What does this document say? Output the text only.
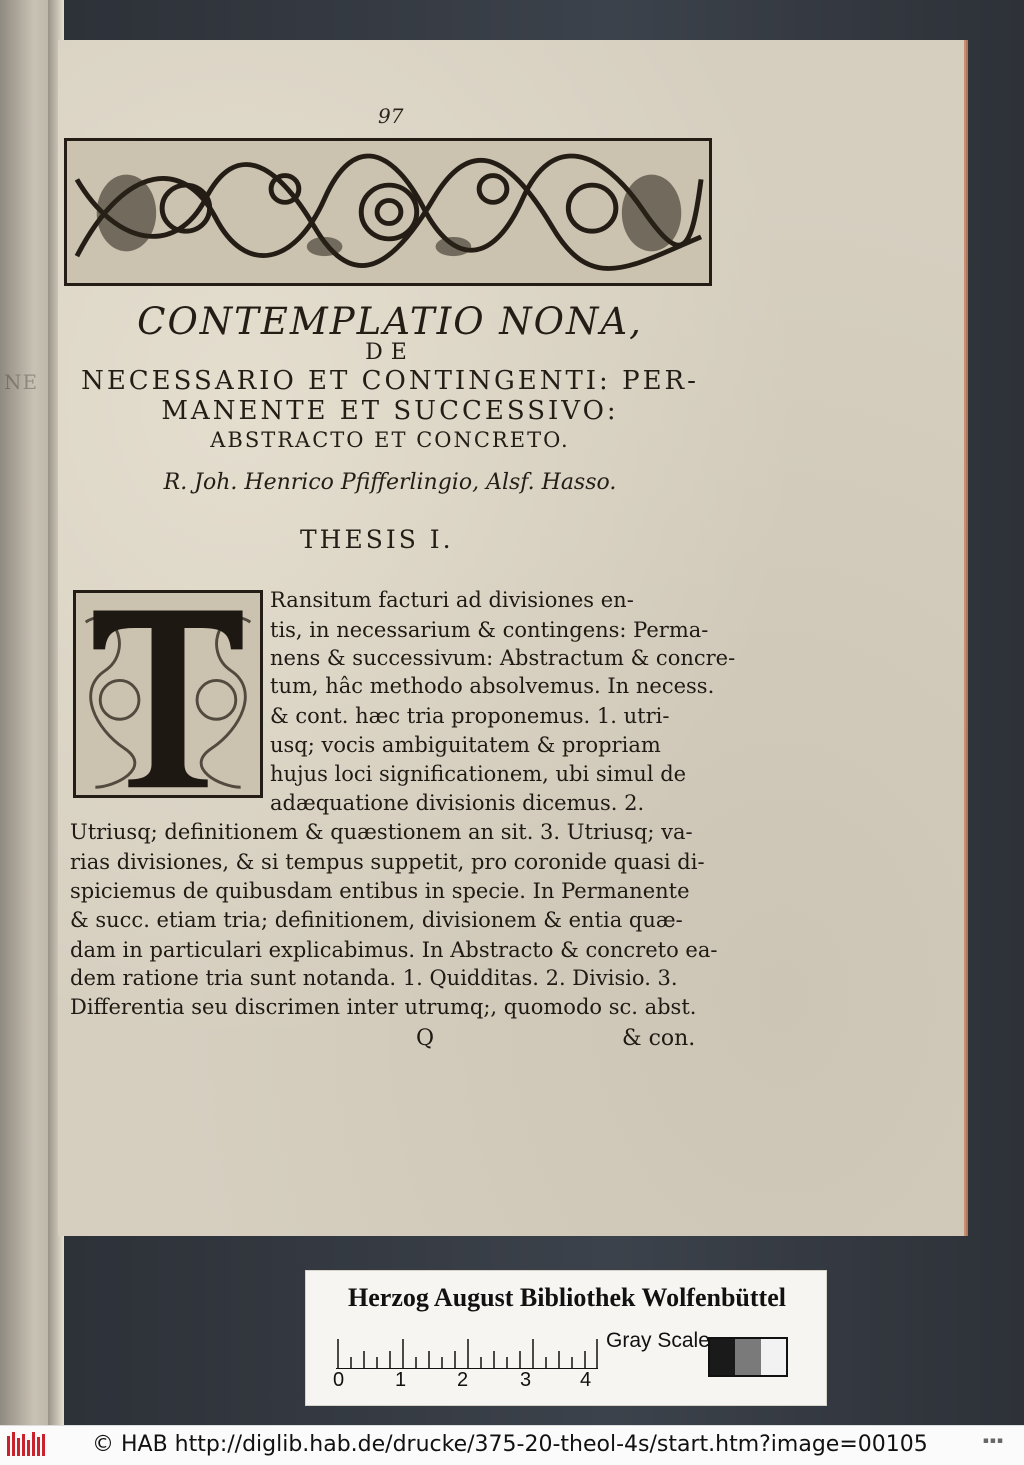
NE
97
CONTEMPLATIO NONA,
DE
NECESSARIO ET CONTINGENTI: PER-
MANENTE ET SUCCESSIVO:
ABSTRACTO ET CONCRETO.
R. Joh. Henrico Pfifferlingio, Alsf. Hasso.
THESIS I.
Ransitum facturi ad divisiones en-
tis, in necessarium & contingens: Perma-
nens & successivum: Abstractum & concre-
tum, hâc methodo absolvemus. In necess.
& cont. hæc tria proponemus. 1. utri-
usq; vocis ambiguitatem & propriam
hujus loci significationem, ubi simul de
adæquatione divisionis dicemus. 2.
Utriusq; definitionem & quæstionem an sit. 3. Utriusq; va-
rias divisiones, & si tempus suppetit, pro coronide quasi di-
spiciemus de quibusdam entibus in specie. In Permanente
& succ. etiam tria; definitionem, divisionem & entia quæ-
dam in particulari explicabimus. In Abstracto & concreto ea-
dem ratione tria sunt notanda. 1. Quidditas. 2. Divisio. 3.
Differentia seu discrimen inter utrumq;, quomodo sc. abst.
Q	& con.
Herzog August Bibliothek Wolfenbüttel
0	1	2	3 4
Gray Scale
© HAB http://diglib.hab.de/drucke/375-20-theol-4s/start.htm?image=00105	▪▪▪
